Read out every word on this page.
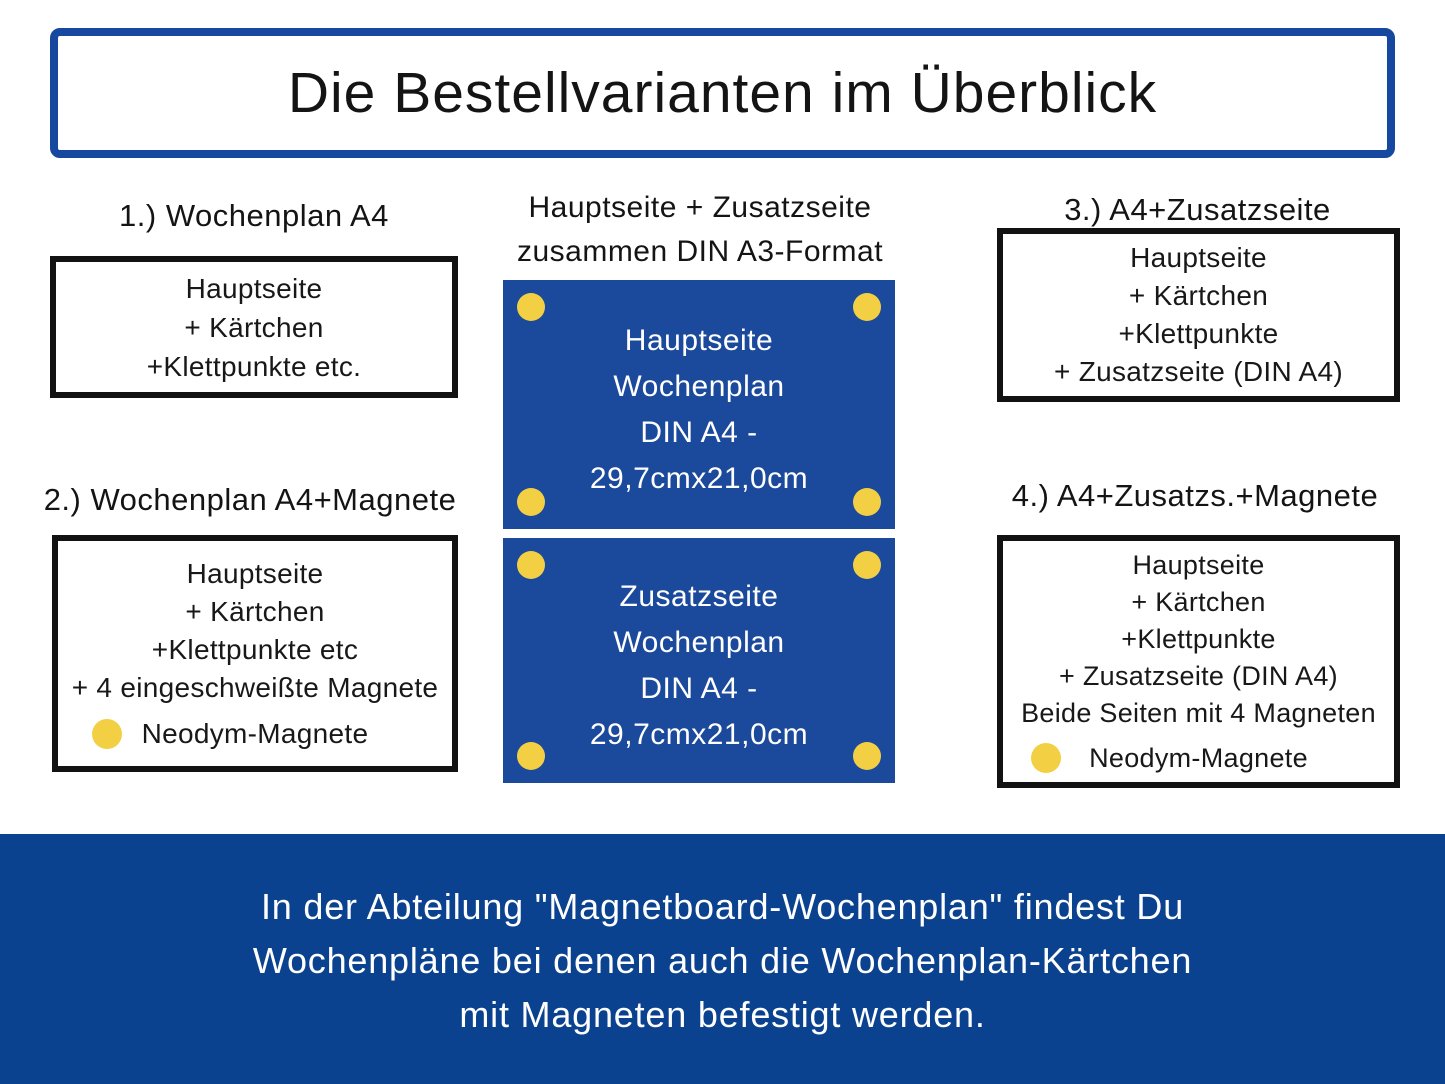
Die Bestellvarianten im Überblick
1.) Wochenplan A4
Hauptseite
+ Kärtchen
+Klettpunkte etc.
2.) Wochenplan A4+Magnete
Hauptseite
+ Kärtchen
+Klettpunkte etc
+ 4 eingeschweißte Magnete
Neodym-Magnete
Hauptseite + Zusatzseite
zusammen DIN A3-Format
Hauptseite
Wochenplan
DIN A4 -
29,7cmx21,0cm
Zusatzseite
Wochenplan
DIN A4 -
29,7cmx21,0cm
3.) A4+Zusatzseite
Hauptseite
+ Kärtchen
+Klettpunkte
+ Zusatzseite (DIN A4)
4.) A4+Zusatzs.+Magnete
Hauptseite
+ Kärtchen
+Klettpunkte
+ Zusatzseite (DIN A4)
Beide Seiten mit 4 Magneten
Neodym-Magnete
In der Abteilung "Magnetboard-Wochenplan" findest Du
Wochenpläne bei denen auch die Wochenplan-Kärtchen
mit Magneten befestigt werden.
